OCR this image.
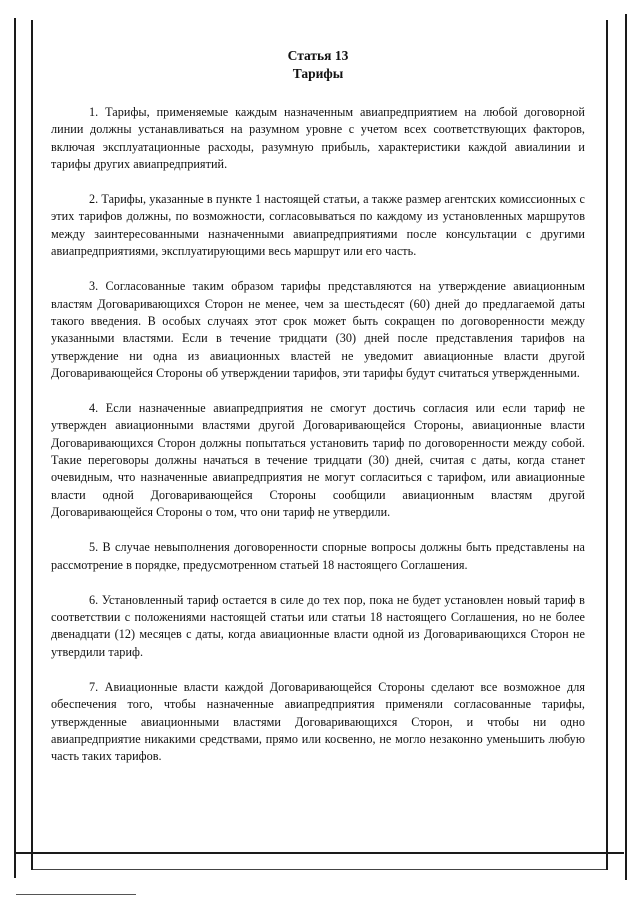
Статья 13
Тарифы

1. Тарифы, применяемые каждым назначенным авиапредприятием на любой договорной линии должны устанавливаться на разумном уровне с учетом всех соответствующих факторов, включая эксплуатационные расходы, разумную прибыль, характеристики каждой авиалинии и тарифы других авиапредприятий.

2. Тарифы, указанные в пункте 1 настоящей статьи, а также размер агентских комиссионных с этих тарифов должны, по возможности, согласовываться по каждому из установленных маршрутов между заинтересованными назначенными авиапредприятиями после консультации с другими авиапредприятиями, эксплуатирующими весь маршрут или его часть.

3. Согласованные таким образом тарифы представляются на утверждение авиационным властям Договаривающихся Сторон не менее, чем за шестьдесят (60) дней до предлагаемой даты такого введения. В особых случаях этот срок может быть сокращен по договоренности между указанными властями. Если в течение тридцати (30) дней после представления тарифов на утверждение ни одна из авиационных властей не уведомит авиационные власти другой Договаривающейся Стороны об утверждении тарифов, эти тарифы будут считаться утвержденными.

4. Если назначенные авиапредприятия не смогут достичь согласия или если тариф не утвержден авиационными властями другой Договаривающейся Стороны, авиационные власти Договаривающихся Сторон должны попытаться установить тариф по договоренности между собой. Такие переговоры должны начаться в течение тридцати (30) дней, считая с даты, когда станет очевидным, что назначенные авиапредприятия не могут согласиться с тарифом, или авиационные власти одной Договаривающейся Стороны сообщили авиационным властям другой Договаривающейся Стороны о том, что они тариф не утвердили.

5. В случае невыполнения договоренности спорные вопросы должны быть представлены на рассмотрение в порядке, предусмотренном статьей 18 настоящего Соглашения.

6. Установленный тариф остается в силе до тех пор, пока не будет установлен новый тариф в соответствии с положениями настоящей статьи или статьи 18 настоящего Соглашения, но не более двенадцати (12) месяцев с даты, когда авиационные власти одной из Договаривающихся Сторон не утвердили тариф.

7. Авиационные власти каждой Договаривающейся Стороны сделают все возможное для обеспечения того, чтобы назначенные авиапредприятия применяли согласованные тарифы, утвержденные авиационными властями Договаривающихся Сторон, и чтобы ни одно авиапредприятие никакими средствами, прямо или косвенно, не могло незаконно уменьшить любую часть таких тарифов.
